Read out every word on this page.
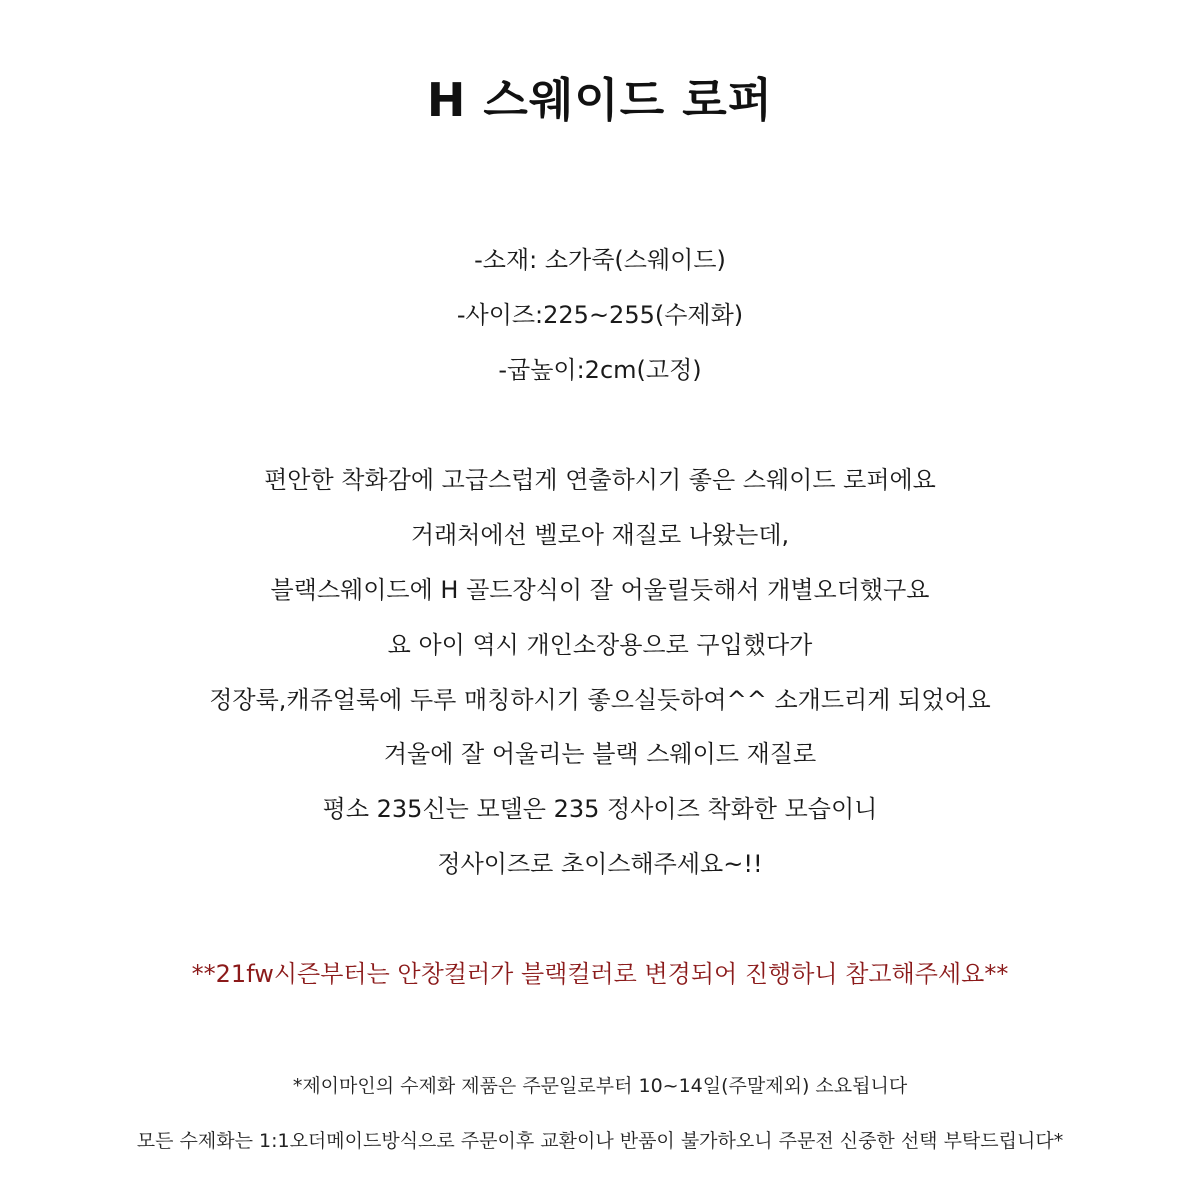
H 스웨이드 로퍼

-소재: 소가죽(스웨이드)

-사이즈:225~255(수제화)

-굽높이:2cm(고정)

편안한 착화감에 고급스럽게 연출하시기 좋은 스웨이드 로퍼에요

거래처에선 벨로아 재질로 나왔는데,

블랙스웨이드에 H 골드장식이 잘 어울릴듯해서 개별오더했구요

요 아이 역시 개인소장용으로 구입했다가

정장룩,캐쥬얼룩에 두루 매칭하시기 좋으실듯하여^^ 소개드리게 되었어요

겨울에 잘 어울리는 블랙 스웨이드 재질로

평소 235신는 모델은 235 정사이즈 착화한 모습이니

정사이즈로 초이스해주세요~!!

**21fw시즌부터는 안창컬러가 블랙컬러로 변경되어 진행하니 참고해주세요**

*제이마인의 수제화 제품은 주문일로부터 10~14일(주말제외) 소요됩니다

모든 수제화는 1:1오더메이드방식으로 주문이후 교환이나 반품이 불가하오니 주문전 신중한 선택 부탁드립니다*
